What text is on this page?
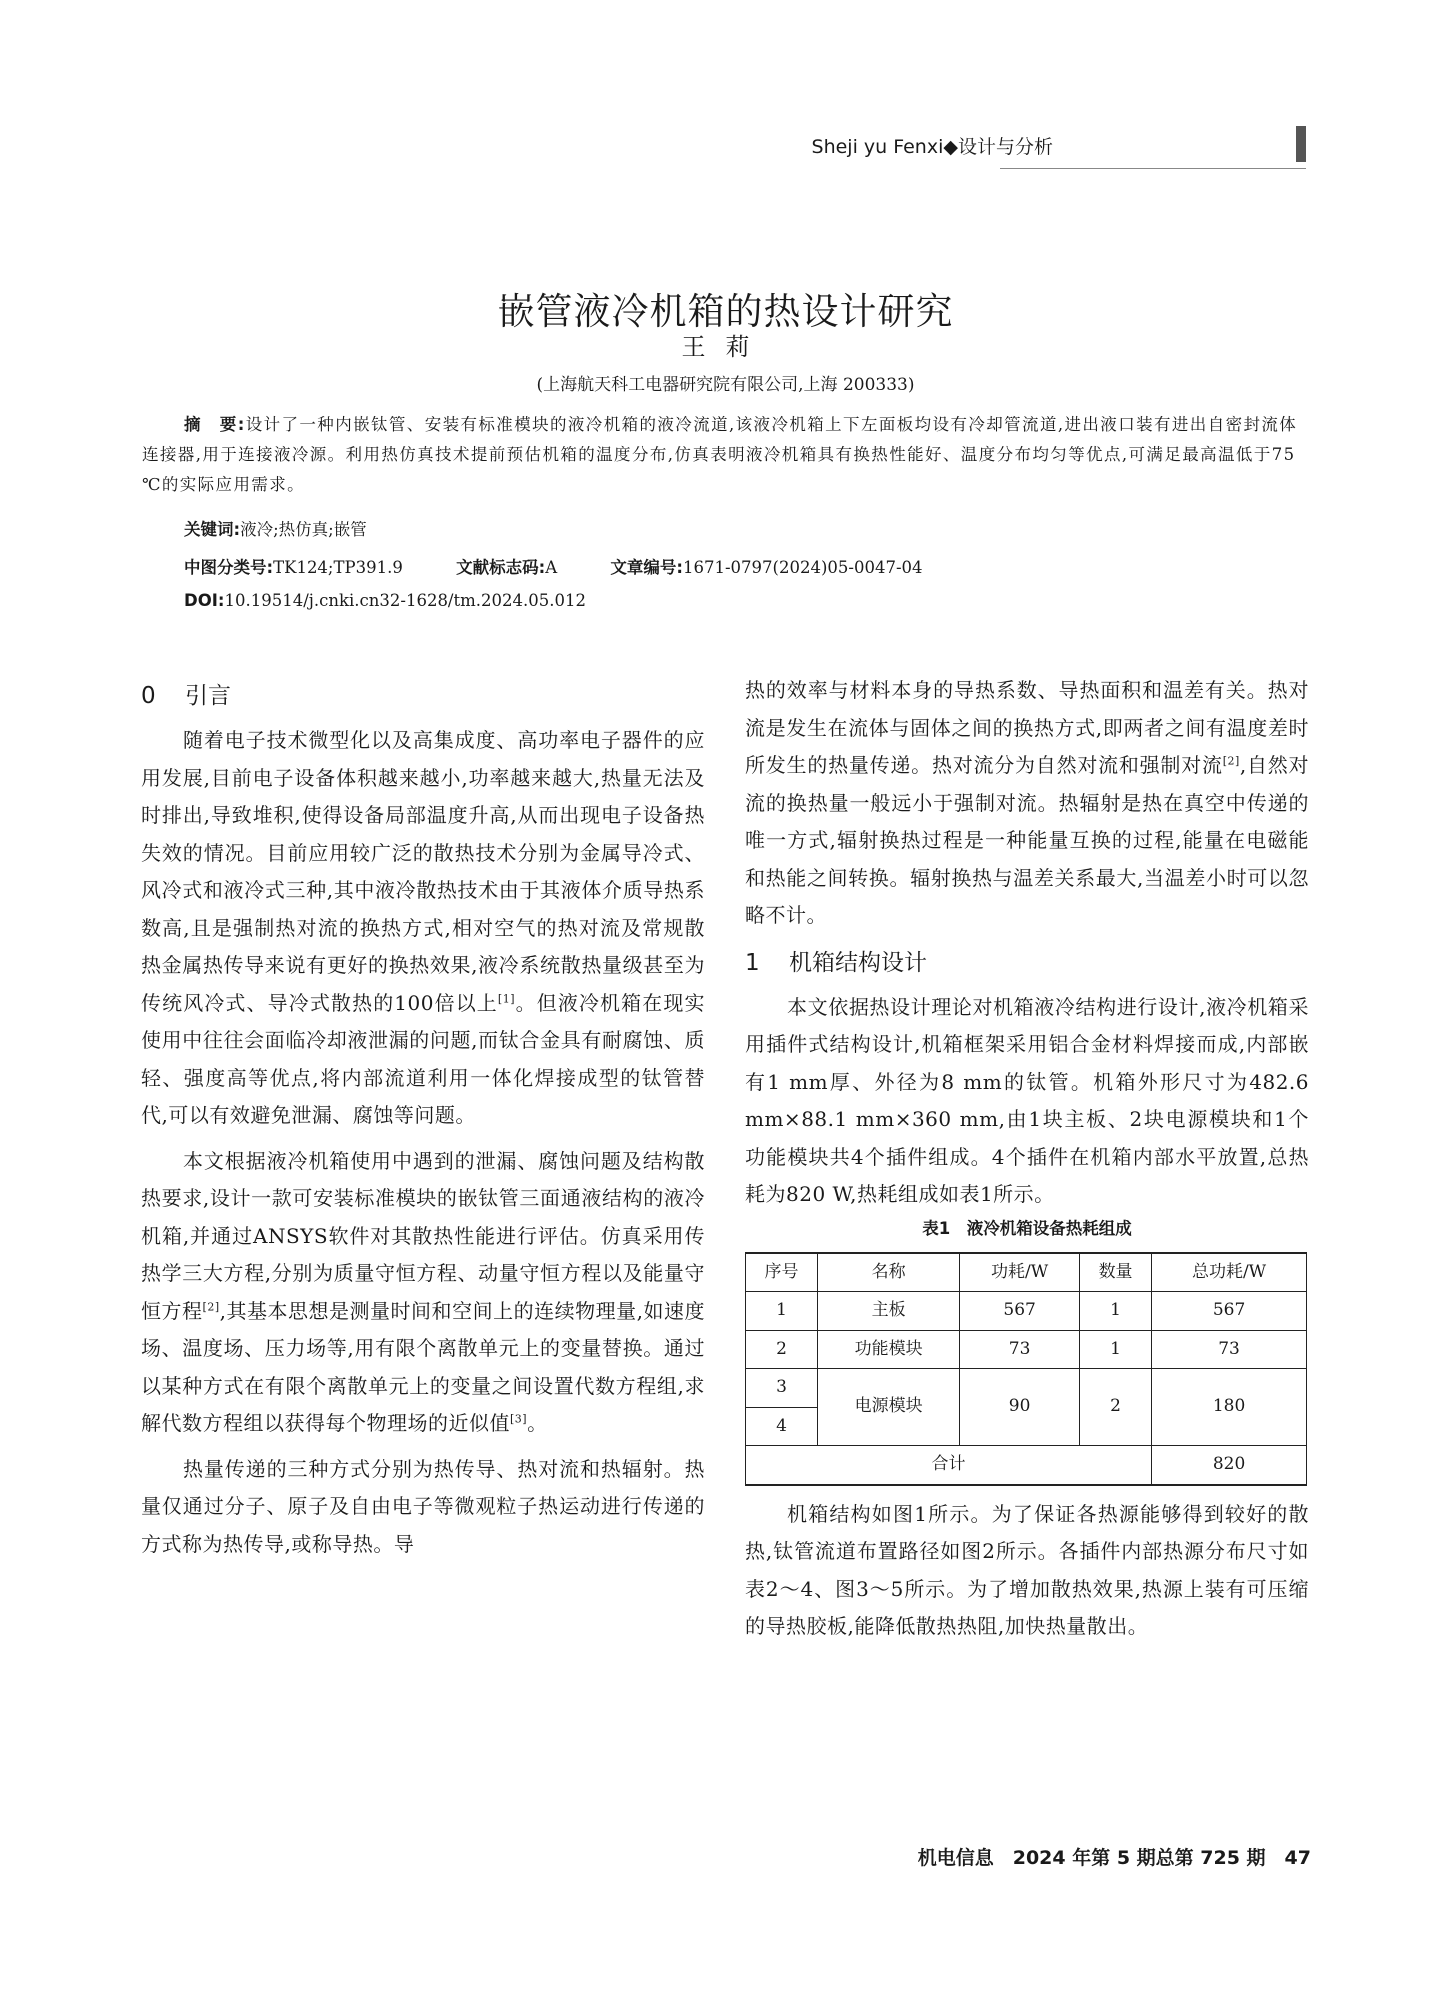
Sheji yu Fenxi◆设计与分析
嵌管液冷机箱的热设计研究
王莉
(上海航天科工电器研究院有限公司,上海 200333)
摘　要:设计了一种内嵌钛管、安装有标准模块的液冷机箱的液冷流道,该液冷机箱上下左面板均设有冷却管流道,进出液口装有进出自密封流体连接器,用于连接液冷源。利用热仿真技术提前预估机箱的温度分布,仿真表明液冷机箱具有换热性能好、温度分布均匀等优点,可满足最高温低于75 ℃的实际应用需求。
关键词:液冷;热仿真;嵌管
中图分类号:TK124;TP391.9	文献标志码:A	文章编号:1671-0797(2024)05-0047-04
DOI:10.19514/j.cnki.cn32-1628/tm.2024.05.012
0 引言

随着电子技术微型化以及高集成度、高功率电子器件的应用发展,目前电子设备体积越来越小,功率越来越大,热量无法及时排出,导致堆积,使得设备局部温度升高,从而出现电子设备热失效的情况。目前应用较广泛的散热技术分别为金属导冷式、风冷式和液冷式三种,其中液冷散热技术由于其液体介质导热系数高,且是强制热对流的换热方式,相对空气的热对流及常规散热金属热传导来说有更好的换热效果,液冷系统散热量级甚至为传统风冷式、导冷式散热的100倍以上[1]。但液冷机箱在现实使用中往往会面临冷却液泄漏的问题,而钛合金具有耐腐蚀、质轻、强度高等优点,将内部流道利用一体化焊接成型的钛管替代,可以有效避免泄漏、腐蚀等问题。

本文根据液冷机箱使用中遇到的泄漏、腐蚀问题及结构散热要求,设计一款可安装标准模块的嵌钛管三面通液结构的液冷机箱,并通过ANSYS软件对其散热性能进行评估。仿真采用传热学三大方程,分别为质量守恒方程、动量守恒方程以及能量守恒方程[2],其基本思想是测量时间和空间上的连续物理量,如速度场、温度场、压力场等,用有限个离散单元上的变量替换。通过以某种方式在有限个离散单元上的变量之间设置代数方程组,求解代数方程组以获得每个物理场的近似值[3]。

热量传递的三种方式分别为热传导、热对流和热辐射。热量仅通过分子、原子及自由电子等微观粒子热运动进行传递的方式称为热传导,或称导热。导

热的效率与材料本身的导热系数、导热面积和温差有关。热对流是发生在流体与固体之间的换热方式,即两者之间有温度差时所发生的热量传递。热对流分为自然对流和强制对流[2],自然对流的换热量一般远小于强制对流。热辐射是热在真空中传递的唯一方式,辐射换热过程是一种能量互换的过程,能量在电磁能和热能之间转换。辐射换热与温差关系最大,当温差小时可以忽略不计。

1 机箱结构设计

本文依据热设计理论对机箱液冷结构进行设计,液冷机箱采用插件式结构设计,机箱框架采用铝合金材料焊接而成,内部嵌有1 mm厚、外径为8 mm的钛管。机箱外形尺寸为482.6 mm×88.1 mm×360 mm,由1块主板、2块电源模块和1个功能模块共4个插件组成。4个插件在机箱内部水平放置,总热耗为820 W,热耗组成如表1所示。

表1　液冷机箱设备热耗组成
序号	名称	功耗/W	数量	总功耗/W
1	主板	567	1	567
2	功能模块	73	1	73
3	电源模块	90	2	180
4				
合计				820

机箱结构如图1所示。为了保证各热源能够得到较好的散热,钛管流道布置路径如图2所示。各插件内部热源分布尺寸如表2～4、图3～5所示。为了增加散热效果,热源上装有可压缩的导热胶板,能降低散热热阻,加快热量散出。

机电信息　2024 年第 5 期总第 725 期　47
